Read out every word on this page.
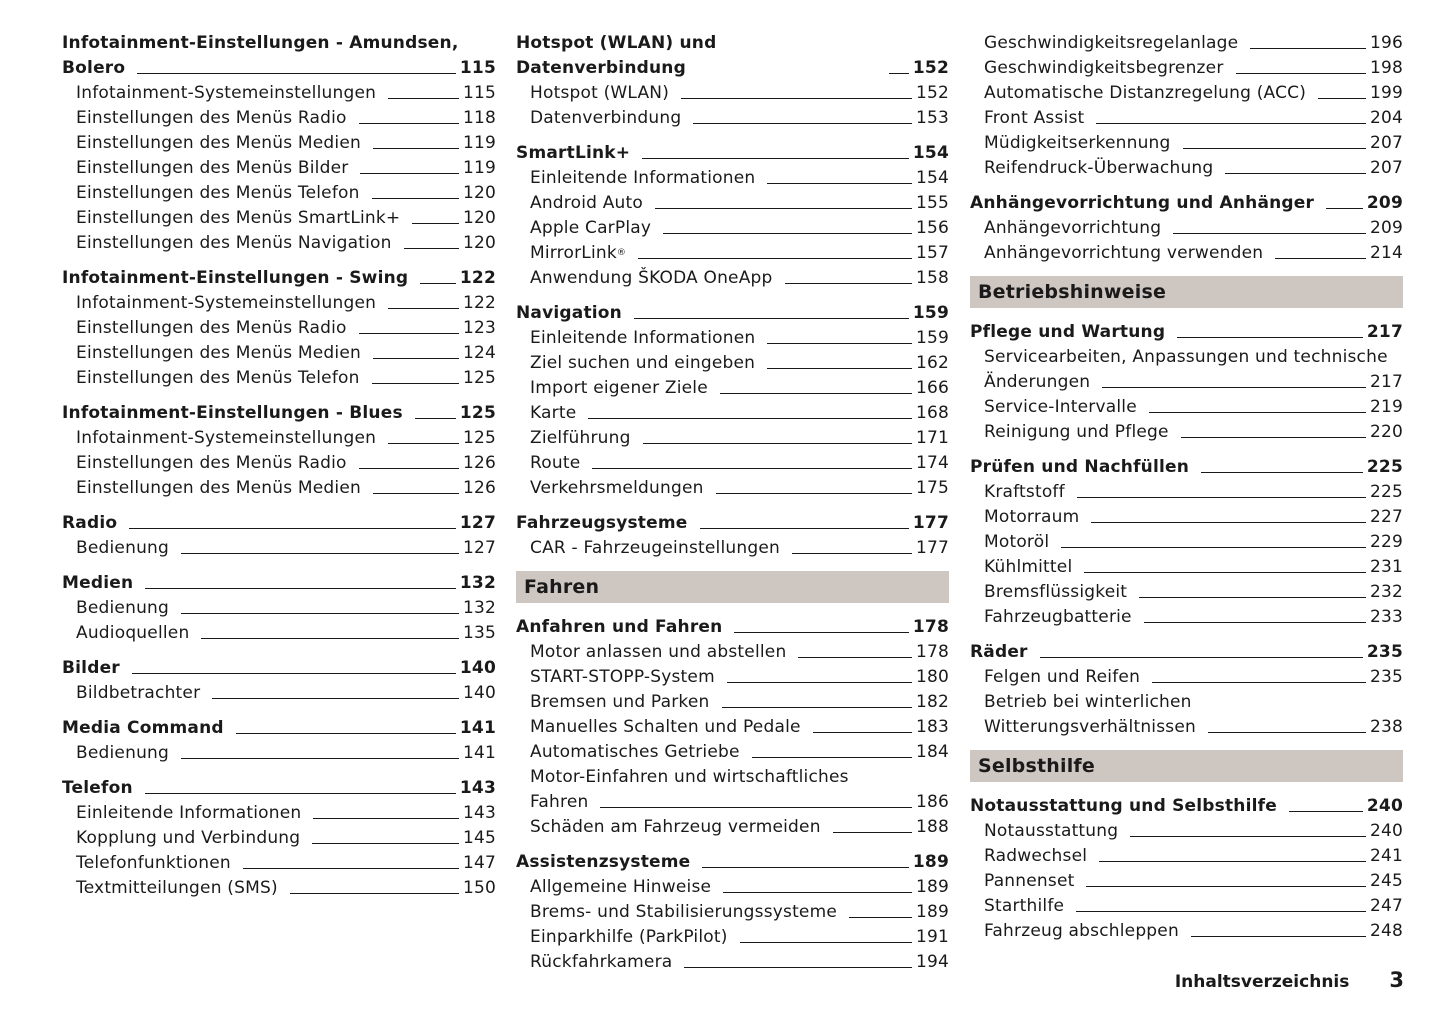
Infotainment-Einstellungen - Amundsen,
Bolero	115
Infotainment-Systemeinstellungen	115
Einstellungen des Menüs Radio	118
Einstellungen des Menüs Medien	119
Einstellungen des Menüs Bilder	119
Einstellungen des Menüs Telefon	120
Einstellungen des Menüs SmartLink+	120
Einstellungen des Menüs Navigation	120
Infotainment-Einstellungen - Swing	122
Infotainment-Systemeinstellungen	122
Einstellungen des Menüs Radio	123
Einstellungen des Menüs Medien	124
Einstellungen des Menüs Telefon	125
Infotainment-Einstellungen - Blues	125
Infotainment-Systemeinstellungen	125
Einstellungen des Menüs Radio	126
Einstellungen des Menüs Medien	126
Radio	127
Bedienung	127
Medien	132
Bedienung	132
Audioquellen	135
Bilder	140
Bildbetrachter	140
Media Command	141
Bedienung	141
Telefon	143
Einleitende Informationen	143
Kopplung und Verbindung	145
Telefonfunktionen	147
Textmitteilungen (SMS)	150
Hotspot (WLAN) und Datenverbindung	152
Hotspot (WLAN)	152
Datenverbindung	153
SmartLink+	154
Einleitende Informationen	154
Android Auto	155
Apple CarPlay	156
MirrorLink ®	157
Anwendung ŠKODA OneApp	158
Navigation	159
Einleitende Informationen	159
Ziel suchen und eingeben	162
Import eigener Ziele	166
Karte	168
Zielführung	171
Route	174
Verkehrsmeldungen	175
Fahrzeugsysteme	177
CAR - Fahrzeugeinstellungen	177
Fahren
Anfahren und Fahren	178
Motor anlassen und abstellen	178
START-STOPP-System	180
Bremsen und Parken	182
Manuelles Schalten und Pedale	183
Automatisches Getriebe	184
Motor-Einfahren und wirtschaftliches
Fahren	186
Schäden am Fahrzeug vermeiden	188
Assistenzsysteme	189
Allgemeine Hinweise	189
Brems- und Stabilisierungssysteme	189
Einparkhilfe (ParkPilot)	191
Rückfahrkamera	194
Geschwindigkeitsregelanlage	196
Geschwindigkeitsbegrenzer	198
Automatische Distanzregelung (ACC)	199
Front Assist	204
Müdigkeitserkennung	207
Reifendruck-Überwachung	207
Anhängevorrichtung und Anhänger	209
Anhängevorrichtung	209
Anhängevorrichtung verwenden	214
Betriebshinweise
Pflege und Wartung	217
Servicearbeiten, Anpassungen und technische
Änderungen	217
Service-Intervalle	219
Reinigung und Pflege	220
Prüfen und Nachfüllen	225
Kraftstoff	225
Motorraum	227
Motoröl	229
Kühlmittel	231
Bremsflüssigkeit	232
Fahrzeugbatterie	233
Räder	235
Felgen und Reifen	235
Betrieb bei winterlichen
Witterungsverhältnissen	238
Selbsthilfe
Notausstattung und Selbsthilfe	240
Notausstattung	240
Radwechsel	241
Pannenset	245
Starthilfe	247
Fahrzeug abschleppen	248
Inhaltsverzeichnis 3
